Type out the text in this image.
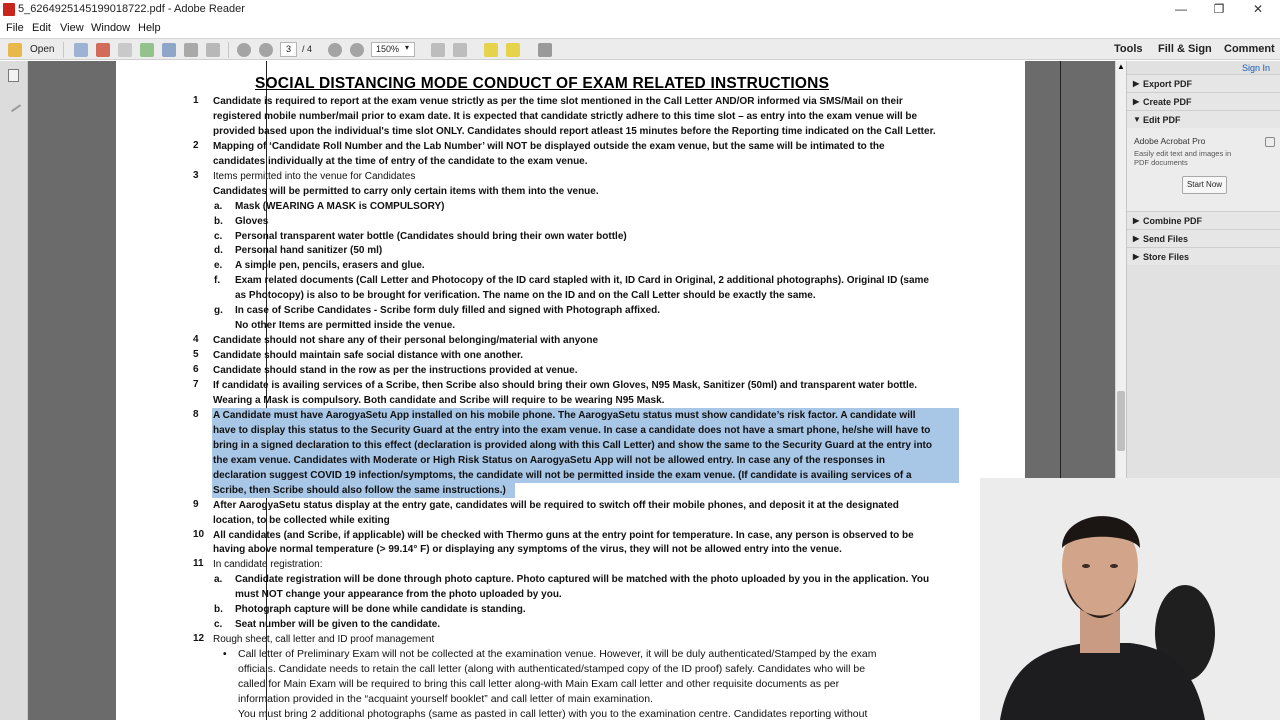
5_6264925145199018722.pdf - Adobe Reader	—	❐	✕
File Edit View Window Help
Open	3	/ 4	150% ▾	Tools Fill & Sign Comment
SOCIAL DISTANCING MODE CONDUCT OF EXAM RELATED INSTRUCTIONS
1 Candidate is required to report at the exam venue strictly as per the time slot mentioned in the Call Letter AND/OR informed via SMS/Mail on their
registered mobile number/mail prior to exam date. It is expected that candidate strictly adhere to this time slot – as entry into the exam venue will be
provided based upon the individual's time slot ONLY. Candidates should report atleast 15 minutes before the Reporting time indicated on the Call Letter.
2 Mapping of ‘Candidate Roll Number and the Lab Number’ will NOT be displayed outside the exam venue, but the same will be intimated to the
candidates individually at the time of entry of the candidate to the exam venue.
3 Items permitted into the venue for Candidates
Candidates will be permitted to carry only certain items with them into the venue.
a. Mask (WEARING A MASK is COMPULSORY)
b. Gloves
c. Personal transparent water bottle (Candidates should bring their own water bottle)
d. Personal hand sanitizer (50 ml)
e. A simple pen, pencils, erasers and glue.
f. Exam related documents (Call Letter and Photocopy of the ID card stapled with it, ID Card in Original, 2 additional photographs). Original ID (same
as Photocopy) is also to be brought for verification. The name on the ID and on the Call Letter should be exactly the same.
g. In case of Scribe Candidates - Scribe form duly filled and signed with Photograph affixed.
No other Items are permitted inside the venue.
4 Candidate should not share any of their personal belonging/material with anyone
5 Candidate should maintain safe social distance with one another.
6 Candidate should stand in the row as per the instructions provided at venue.
7 If candidate is availing services of a Scribe, then Scribe also should bring their own Gloves, N95 Mask, Sanitizer (50ml) and transparent water bottle.
Wearing a Mask is compulsory. Both candidate and Scribe will require to be wearing N95 Mask.
8 A Candidate must have AarogyaSetu App installed on his mobile phone. The AarogyaSetu status must show candidate’s risk factor. A candidate will
have to display this status to the Security Guard at the entry into the exam venue. In case a candidate does not have a smart phone, he/she will have to
bring in a signed declaration to this effect (declaration is provided along with this Call Letter) and show the same to the Security Guard at the entry into
the exam venue. Candidates with Moderate or High Risk Status on AarogyaSetu App will not be allowed entry. In case any of the responses in
declaration suggest COVID 19 infection/symptoms, the candidate will not be permitted inside the exam venue. (If candidate is availing services of a
Scribe, then Scribe should also follow the same instructions.)
9 After AarogyaSetu status display at the entry gate, candidates will be required to switch off their mobile phones, and deposit it at the designated
location, to be collected while exiting
10 All candidates (and Scribe, if applicable) will be checked with Thermo guns at the entry point for temperature. In case, any person is observed to be
having above normal temperature (> 99.14° F) or displaying any symptoms of the virus, they will not be allowed entry into the venue.
11 In candidate registration:
a. Candidate registration will be done through photo capture. Photo captured will be matched with the photo uploaded by you in the application. You
must NOT change your appearance from the photo uploaded by you.
b. Photograph capture will be done while candidate is standing.
c. Seat number will be given to the candidate.
12 Rough sheet, call letter and ID proof management
• Call letter of Preliminary Exam will not be collected at the examination venue. However, it will be duly authenticated/Stamped by the exam
officials. Candidate needs to retain the call letter (along with authenticated/stamped copy of the ID proof) safely. Candidates who will be
called for Main Exam will be required to bring this call letter along-with Main Exam call letter and other requisite documents as per
information provided in the “acquaint yourself booklet” and call letter of main examination.
You must bring 2 additional photographs (same as pasted in call letter) with you to the examination centre. Candidates reporting without
▲	Sign In
▶ Export PDF
▶ Create PDF
▼ Edit PDF
Adobe Acrobat Pro
Easily edit text and images in PDF documents
Start Now
▶ Combine PDF
▶ Send Files
▶ Store Files
